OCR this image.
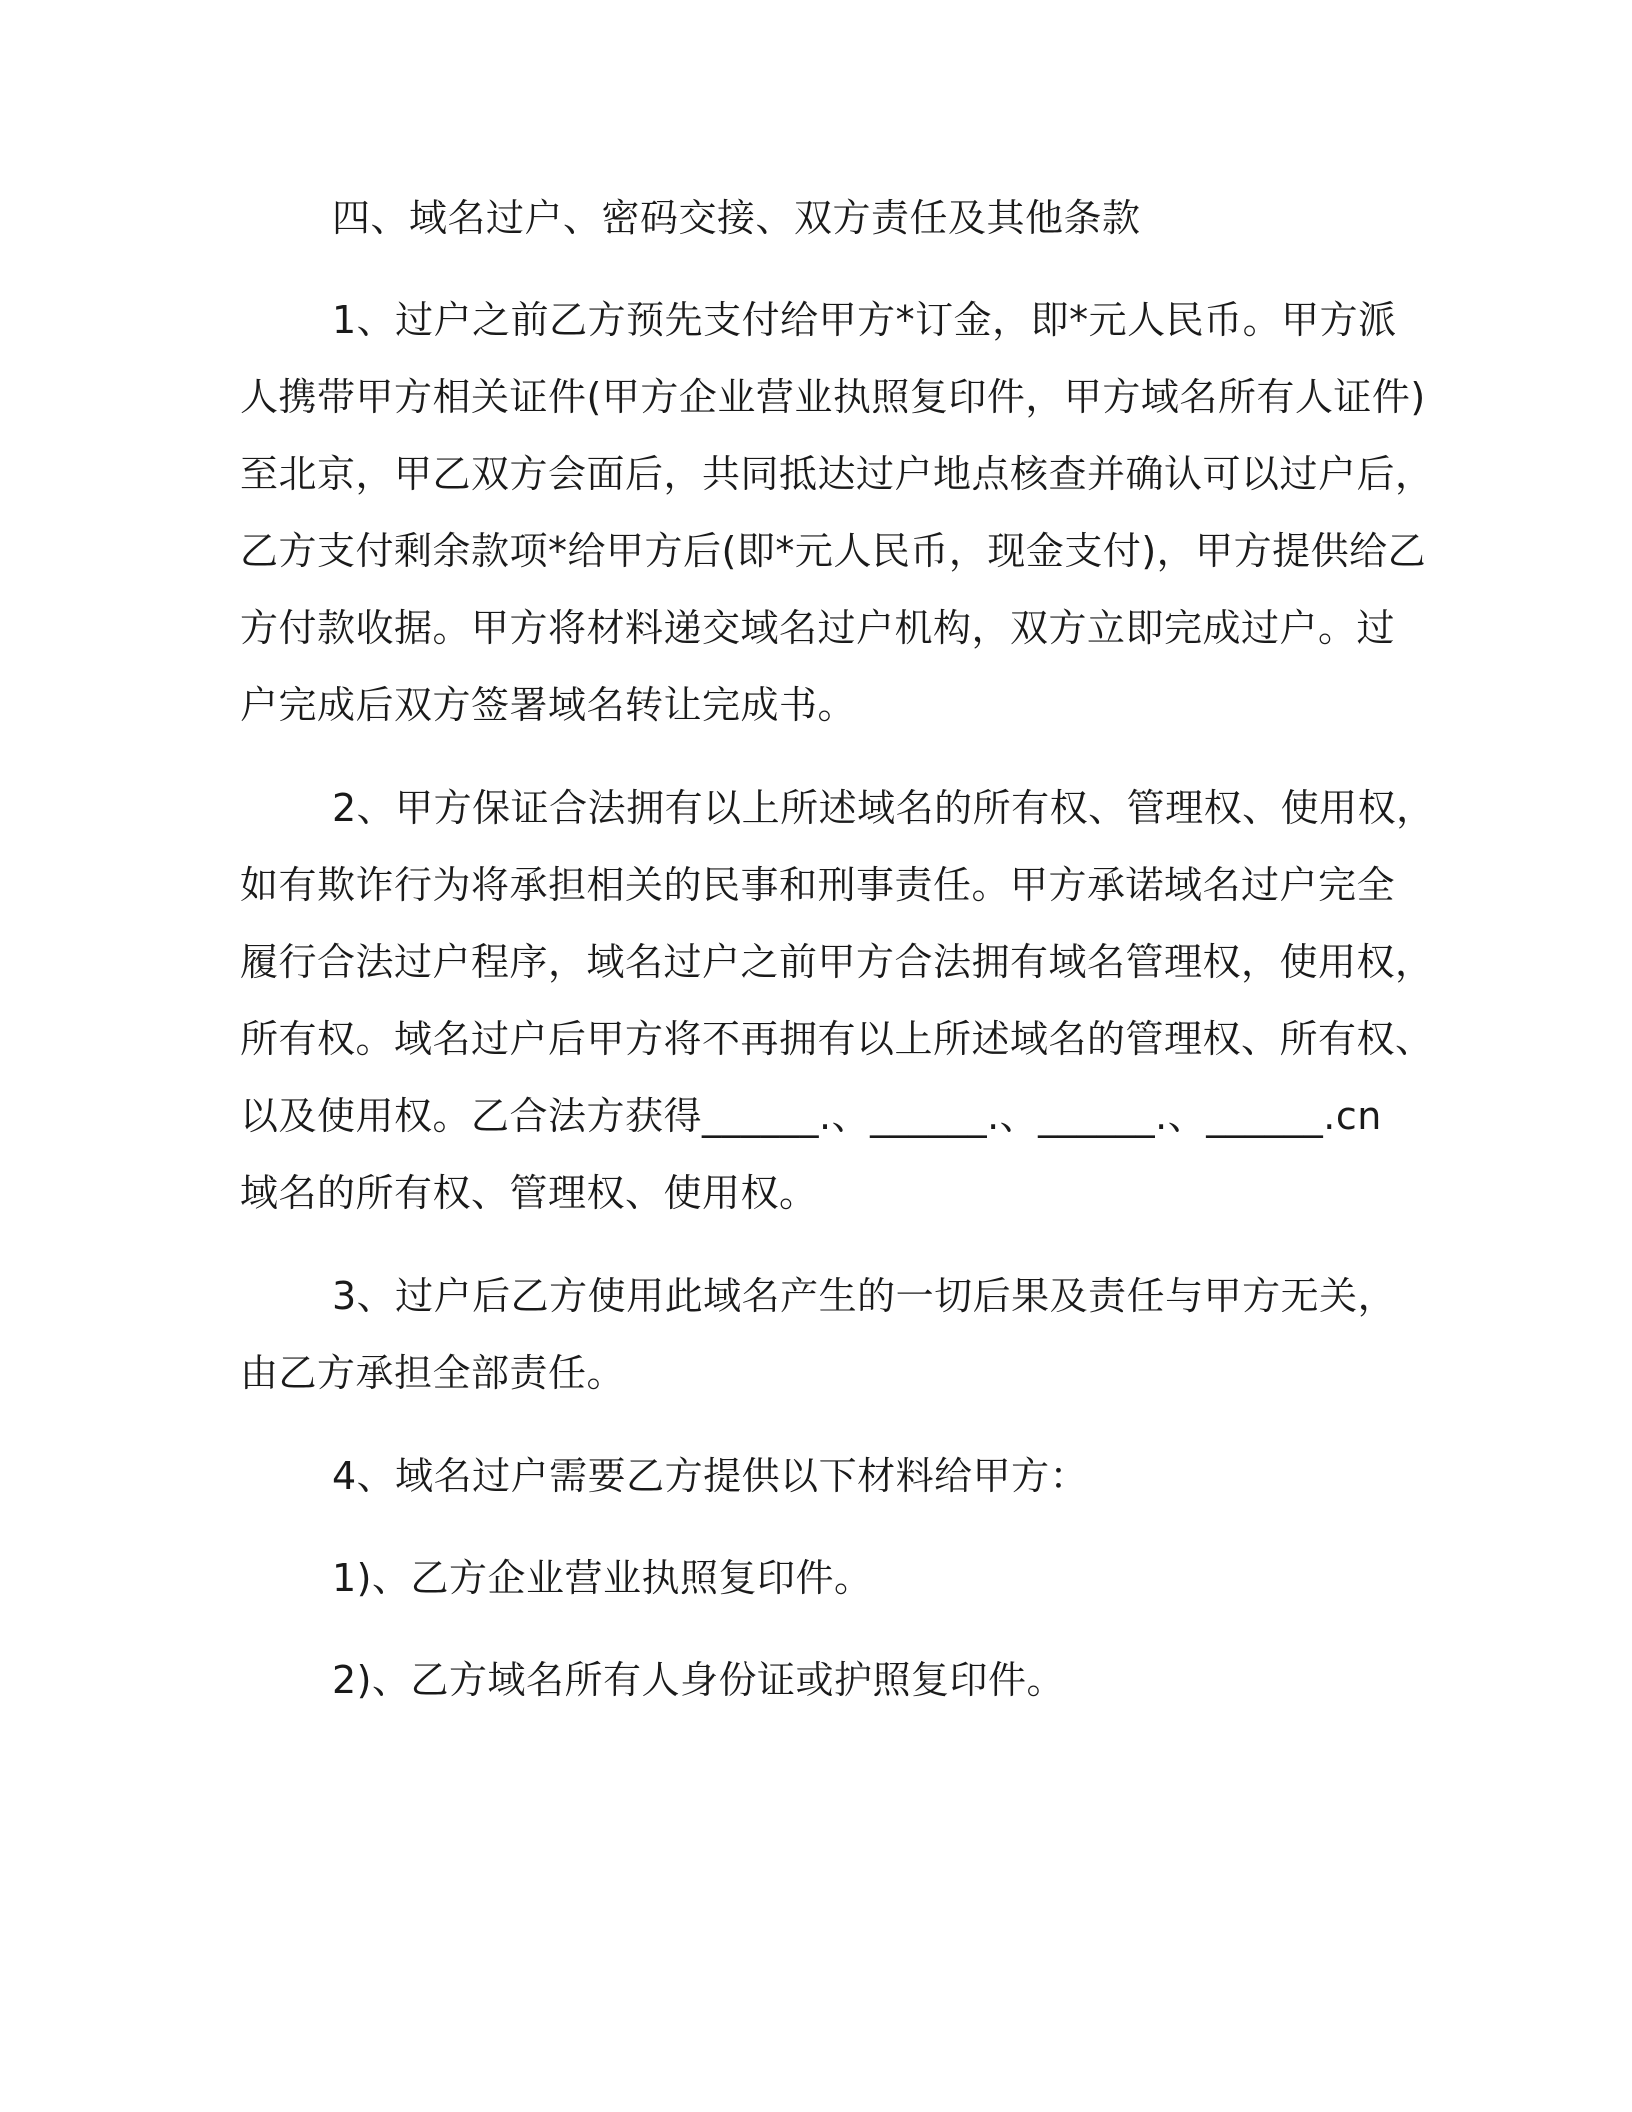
四、域名过户、密码交接、双方责任及其他条款

1、过户之前乙方预先支付给甲方*订金，即*元人民币。甲方派
人携带甲方相关证件(甲方企业营业执照复印件，甲方域名所有人证件)
至北京，甲乙双方会面后，共同抵达过户地点核查并确认可以过户后，
乙方支付剩余款项*给甲方后(即*元人民币，现金支付)，甲方提供给乙
方付款收据。甲方将材料递交域名过户机构，双方立即完成过户。过
户完成后双方签署域名转让完成书。

2、甲方保证合法拥有以上所述域名的所有权、管理权、使用权，
如有欺诈行为将承担相关的民事和刑事责任。甲方承诺域名过户完全
履行合法过户程序，域名过户之前甲方合法拥有域名管理权，使用权，
所有权。域名过户后甲方将不再拥有以上所述域名的管理权、所有权、
以及使用权。乙合法方获得______.、______.、______.、______.cn
域名的所有权、管理权、使用权。

3、过户后乙方使用此域名产生的一切后果及责任与甲方无关，
由乙方承担全部责任。

4、域名过户需要乙方提供以下材料给甲方：

1)、乙方企业营业执照复印件。

2)、乙方域名所有人身份证或护照复印件。
